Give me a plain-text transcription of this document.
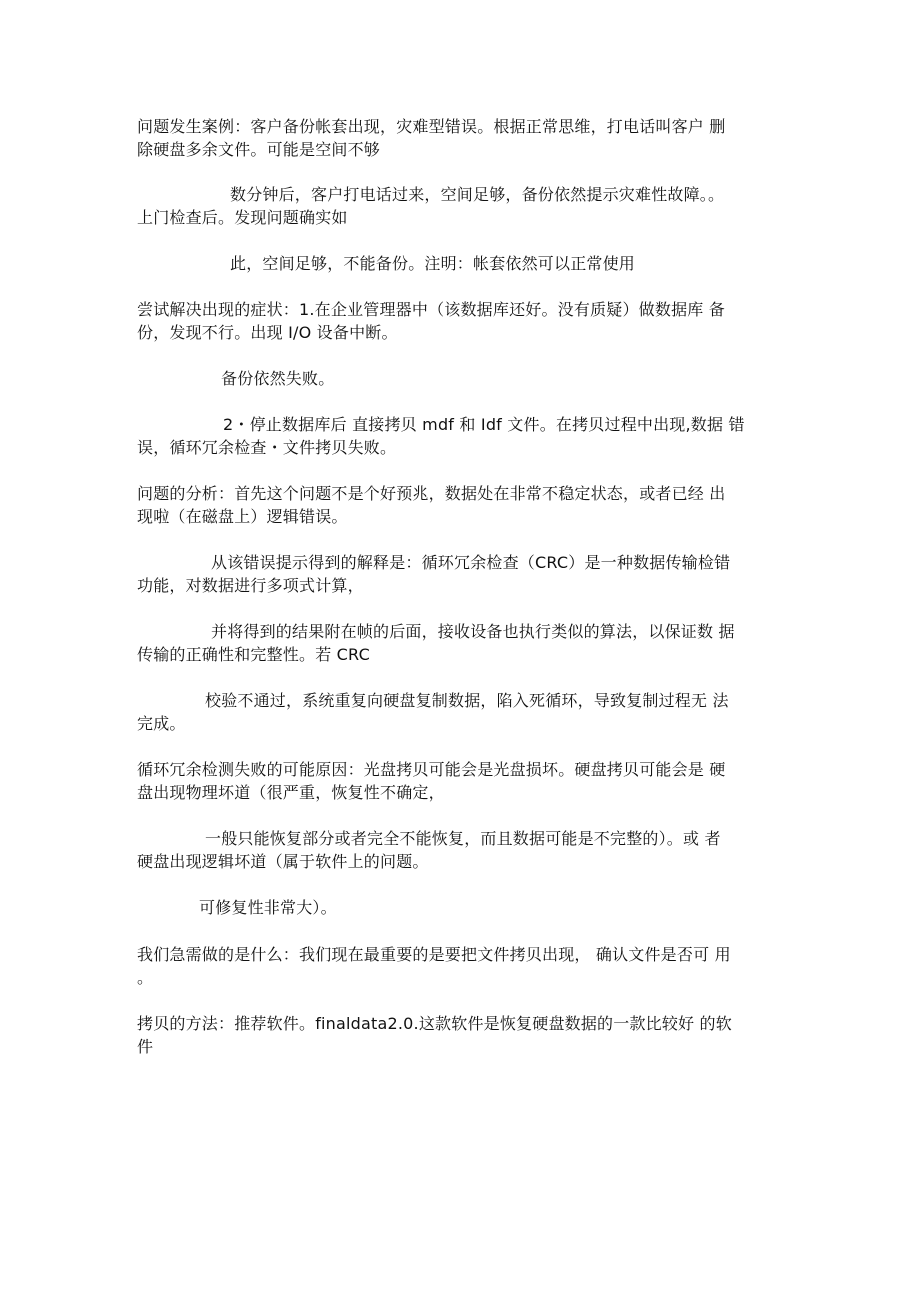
问题发生案例：客户备份帐套出现，灾难型错误。根据正常思维，打电话叫客户 删
除硬盘多余文件。可能是空间不够
数分钟后，客户打电话过来，空间足够，备份依然提示灾难性故障。。
上门检查后。发现问题确实如
此，空间足够，不能备份。注明：帐套依然可以正常使用
尝试解决出现的症状：1.在企业管理器中（该数据库还好。没有质疑）做数据库 备
份，发现不行。出现 I/O 设备中断。
备份依然失败。
2・停止数据库后 直接拷贝 mdf 和 Idf 文件。在拷贝过程中出现,数据 错
误，循环冗余检查・文件拷贝失败。
问题的分析：首先这个问题不是个好预兆，数据处在非常不稳定状态，或者已经 出
现啦（在磁盘上）逻辑错误。
从该错误提示得到的解释是：循环冗余检查（CRC）是一种数据传输检错
功能，对数据进行多项式计算，
并将得到的结果附在帧的后面，接收设备也执行类似的算法，以保证数 据
传输的正确性和完整性。若 CRC
校验不通过，系统重复向硬盘复制数据，陷入死循环，导致复制过程无 法
完成。
循环冗余检测失败的可能原因：光盘拷贝可能会是光盘损坏。硬盘拷贝可能会是 硬
盘出现物理坏道（很严重，恢复性不确定，
一般只能恢复部分或者完全不能恢复，而且数据可能是不完整的）。或 者
硬盘出现逻辑坏道（属于软件上的问题。
可修复性非常大）。
我们急需做的是什么：我们现在最重要的是要把文件拷贝出现， 确认文件是否可 用
。
拷贝的方法：推荐软件。finaldata2.0.这款软件是恢复硬盘数据的一款比较好 的软
件
